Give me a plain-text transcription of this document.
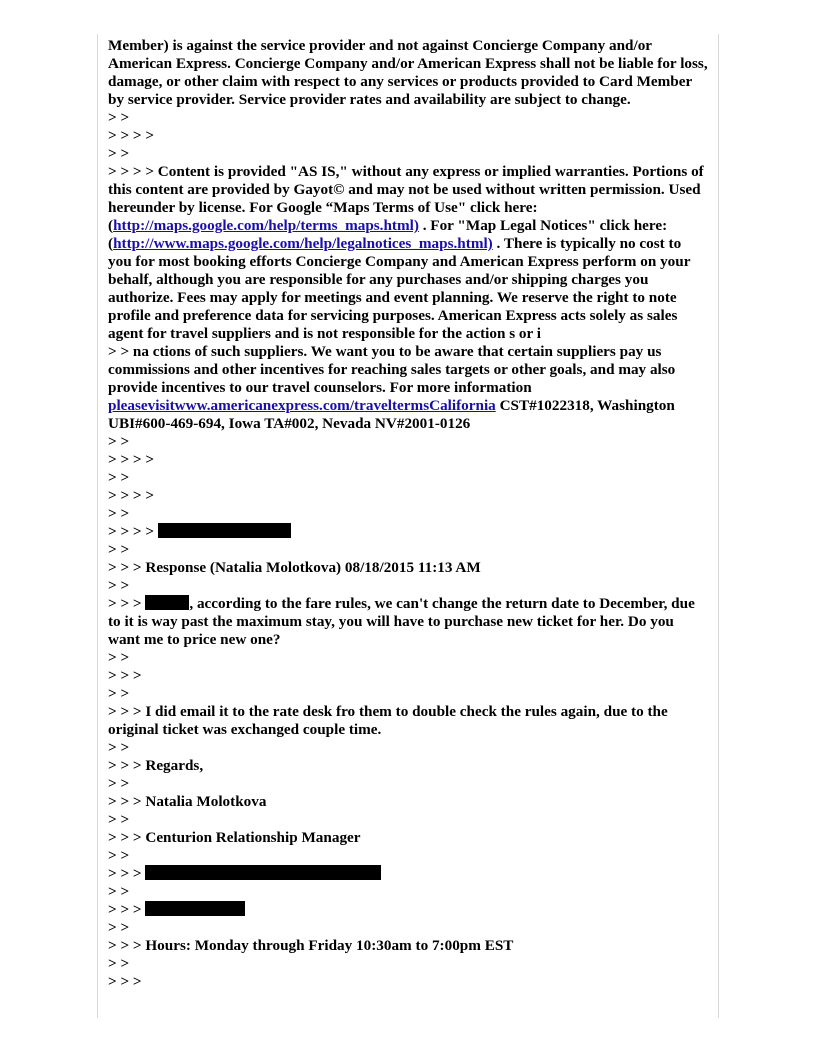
Member) is against the service provider and not against Concierge Company and/or American Express. Concierge Company and/or American Express shall not be liable for loss, damage, or other claim with respect to any services or products provided to Card Member by service provider. Service provider rates and availability are subject to change.

> >

> > > >

> >

> > > > Content is provided "AS IS," without any express or implied warranties. Portions of this content are provided by Gayot© and may not be used without written permission. Used hereunder by license. For Google “Maps Terms of Use" click here: (http://maps.google.com/help/terms_maps.html) . For "Map Legal Notices" click here: (http://www.maps.google.com/help/legalnotices_maps.html) . There is typically no cost to you for most booking efforts Concierge Company and American Express perform on your behalf, although you are responsible for any purchases and/or shipping charges you authorize. Fees may apply for meetings and event planning. We reserve the right to note profile and preference data for servicing purposes. American Express acts solely as sales agent for travel suppliers and is not responsible for the action s or i

> > na ctions of such suppliers. We want you to be aware that certain suppliers pay us commissions and other incentives for reaching sales targets or other goals, and may also provide incentives to our travel counselors. For more information
pleasevisitwww.americanexpress.com/traveltermsCalifornia CST#1022318, Washington UBI#600-469-694, Iowa TA#002, Nevada NV#2001-0126

> >

> > > >

> >

> > > >

> >

> > > >

> >

> > > Response (Natalia Molotkova) 08/18/2015 11:13 AM

> >

> > >	, according to the fare rules, we can't change the return date to December, due to it is way past the maximum stay, you will have to purchase new ticket for her. Do you want me to price new one?

> >

> > >

> >

> > > I did email it to the rate desk fro them to double check the rules again, due to the original ticket was exchanged couple time.

> >

> > > Regards,

> >

> > > Natalia Molotkova

> >

> > > Centurion Relationship Manager

> >

> > >

> >

> > >

> >

> > > Hours: Monday through Friday 10:30am to 7:00pm EST

> >

> > >
